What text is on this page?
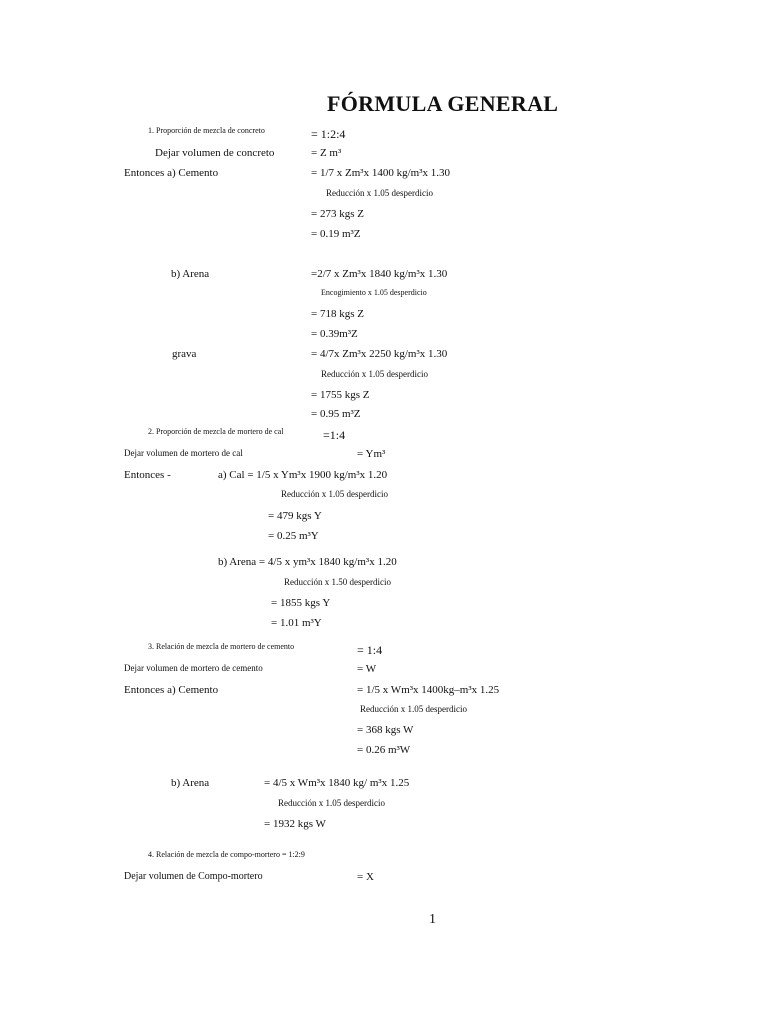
FÓRMULA GENERAL
1. Proporción de mezcla de concreto	= 1:2:4
Dejar volumen de concreto	= Z m³
Entonces a) Cemento	= 1/7 x Zm³x 1400 kg/m³x 1.30
Reducción x 1.05 desperdicio
= 273 kgs Z
= 0.19 m³Z
b) Arena	=2/7 x Zm³x 1840 kg/m³x 1.30
Encogimiento x 1.05 desperdicio
= 718 kgs Z
= 0.39m³Z
grava	= 4/7x Zm³x 2250 kg/m³x 1.30
Reducción x 1.05 desperdicio
= 1755 kgs Z
= 0.95 m³Z
2. Proporción de mezcla de mortero de cal	=1:4
Dejar volumen de mortero de cal	= Ym³
Entonces -	a) Cal = 1/5 x Ym³x 1900 kg/m³x 1.20
Reducción x 1.05 desperdicio
= 479 kgs Y
= 0.25 m³Y
b) Arena = 4/5 x ym³x 1840 kg/m³x 1.20
Reducción x 1.50 desperdicio
= 1855 kgs Y
= 1.01 m³Y
3. Relación de mezcla de mortero de cemento	= 1:4
Dejar volumen de mortero de cemento	= W
Entonces a) Cemento	= 1/5 x Wm³x 1400kg–m³x 1.25
Reducción x 1.05 desperdicio
= 368 kgs W
= 0.26 m³W
b) Arena	= 4/5 x Wm³x 1840 kg/ m³x 1.25
Reducción x 1.05 desperdicio
= 1932 kgs W
4. Relación de mezcla de compo-mortero = 1:2:9
Dejar volumen de Compo-mortero	= X
1
